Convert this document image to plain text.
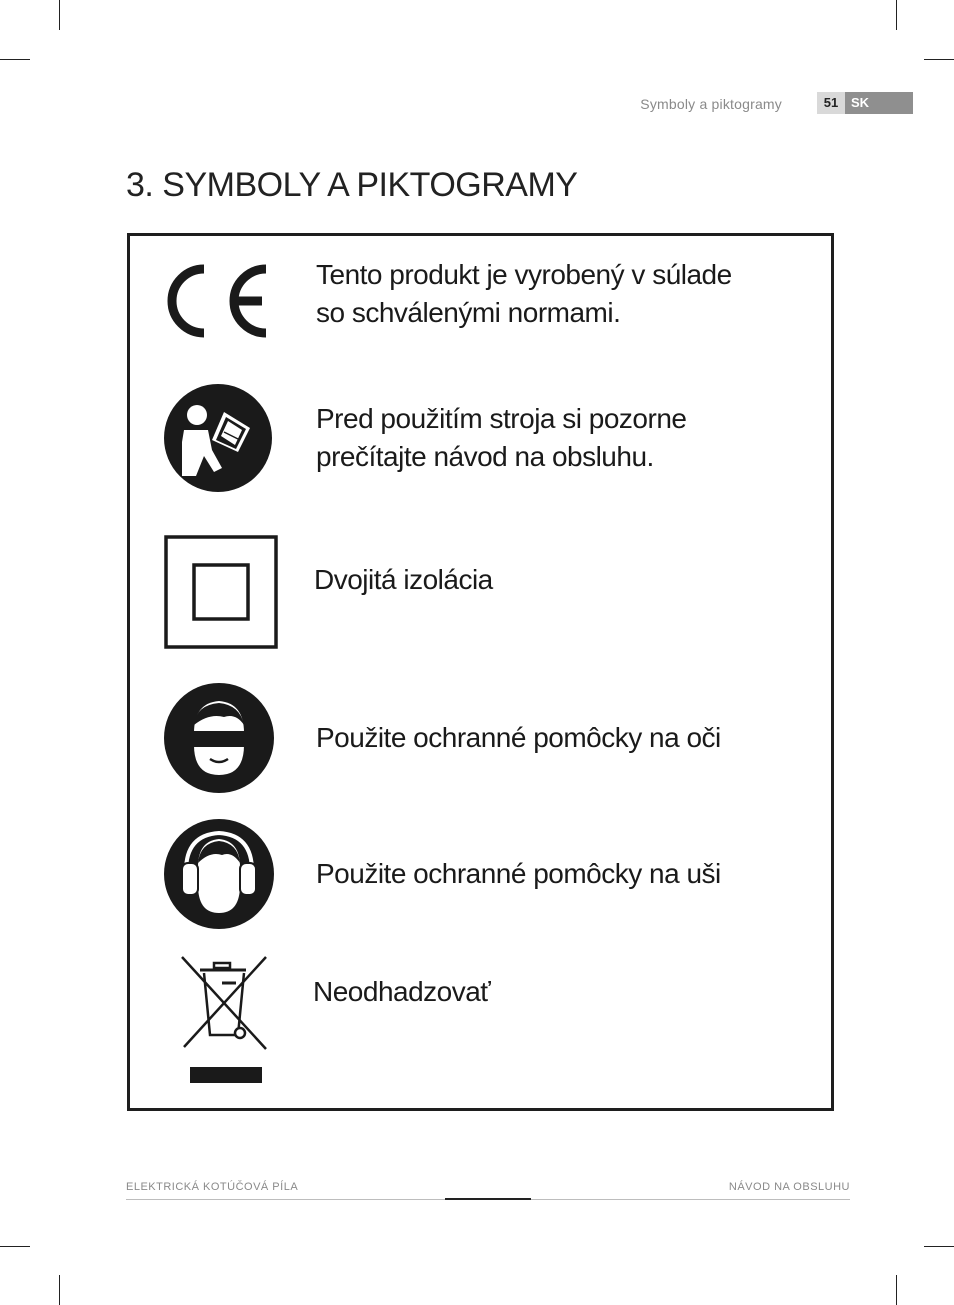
Symboly a piktogramy	51 SK
3. SYMBOLY A PIKTOGRAMY
Tento produkt je vyrobený v súlade
so schválenými normami.
Pred použitím stroja si pozorne
prečítajte návod na obsluhu.
Dvojitá izolácia
Použite ochranné pomôcky na oči
Použite ochranné pomôcky na uši
Neodhadzovať
ELEKTRICKÁ KOTÚČOVÁ PÍLA	NÁVOD NA OBSLUHU
